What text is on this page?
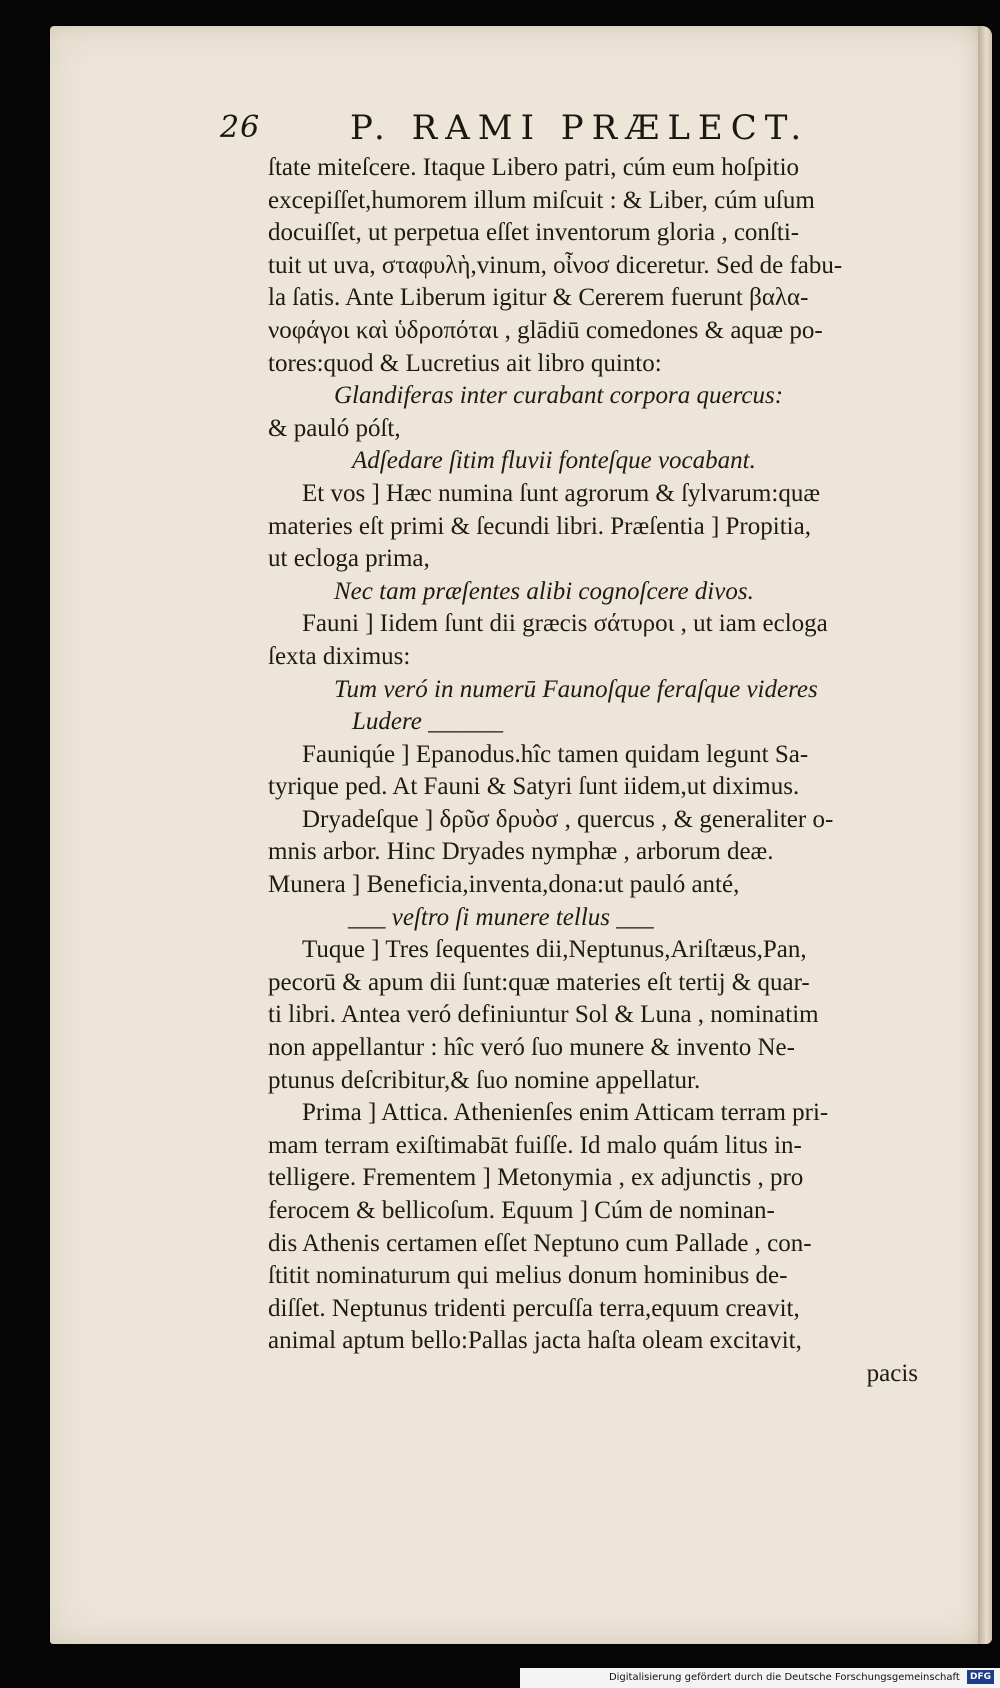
26	P. RAMI PRÆLECT.
ſtate miteſcere. Itaque Libero patri, cúm eum hoſpitio
excepiſſet,humorem illum miſcuit : & Liber, cúm uſum
docuiſſet, ut perpetua eſſet inventorum gloria , conſti-
tuit ut uva, σταφυλὴ,vinum, οἶνοσ diceretur. Sed de fabu-
la ſatis. Ante Liberum igitur & Cererem fuerunt βαλα-
νοφάγοι καὶ ὑδροπόται , glādiū comedones & aquæ po-
tores:quod & Lucretius ait libro quinto:
Glandiferas inter curabant corpora quercus:
& pauló póſt,
Adſedare ſitim fluvii fonteſque vocabant.
Et vos ] Hæc numina ſunt agrorum & ſylvarum:quæ
materies eſt primi & ſecundi libri. Præſentia ] Propitia,
ut ecloga prima,
Nec tam præſentes alibi cognoſcere divos.
Fauni ] Iidem ſunt dii græcis σάτυροι , ut iam ecloga
ſexta diximus:
Tum veró in numerū Faunoſque feraſque videres
Ludere ______
Fauniqúe ] Epanodus.hîc tamen quidam legunt Sa-
tyrique ped. At Fauni & Satyri ſunt iidem,ut diximus.
Dryadeſque ] δρῦσ δρυὸσ , quercus , & generaliter o-
mnis arbor. Hinc Dryades nymphæ , arborum deæ.
Munera ] Beneficia,inventa,dona:ut pauló anté,
___ veſtro ſi munere tellus ___
Tuque ] Tres ſequentes dii,Neptunus,Ariſtæus,Pan,
pecorū & apum dii ſunt:quæ materies eſt tertij & quar-
ti libri. Antea veró definiuntur Sol & Luna , nominatim
non appellantur : hîc veró ſuo munere & invento Ne-
ptunus deſcribitur,& ſuo nomine appellatur.
Prima ] Attica. Athenienſes enim Atticam terram pri-
mam terram exiſtimabāt fuiſſe. Id malo quám litus in-
telligere. Frementem ] Metonymia , ex adjunctis , pro
ferocem & bellicoſum. Equum ] Cúm de nominan-
dis Athenis certamen eſſet Neptuno cum Pallade , con-
ſtitit nominaturum qui melius donum hominibus de-
diſſet. Neptunus tridenti percuſſa terra,equum creavit,
animal aptum bello:Pallas jacta haſta oleam excitavit,
pacis
Digitalisierung gefördert durch die Deutsche Forschungsgemeinschaft DFG
